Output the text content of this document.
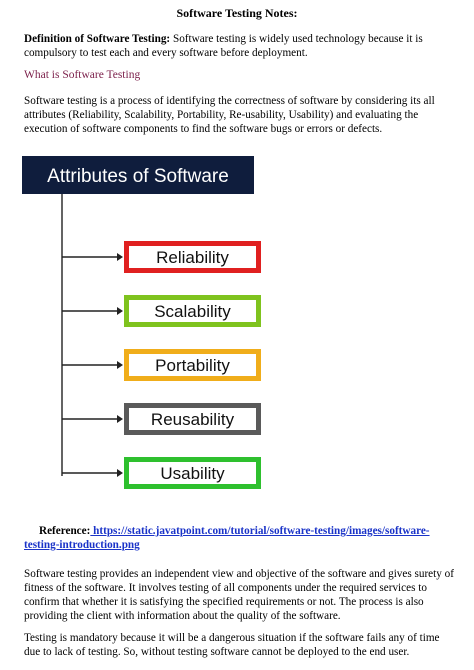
Software Testing Notes:
Definition of Software Testing: Software testing is widely used technology because it is compulsory to test each and every software before deployment.
What is Software Testing
Software testing is a process of identifying the correctness of software by considering its all attributes (Reliability, Scalability, Portability, Re-usability, Usability) and evaluating the execution of software components to find the software bugs or errors or defects.
Attributes of Software
Reliability
Scalability
Portability
Reusability
Usability
Reference: https://static.javatpoint.com/tutorial/software-testing/images/software-testing-introduction.png
Software testing provides an independent view and objective of the software and gives surety of fitness of the software. It involves testing of all components under the required services to confirm that whether it is satisfying the specified requirements or not. The process is also providing the client with information about the quality of the software.
Testing is mandatory because it will be a dangerous situation if the software fails any of time due to lack of testing. So, without testing software cannot be deployed to the end user.
